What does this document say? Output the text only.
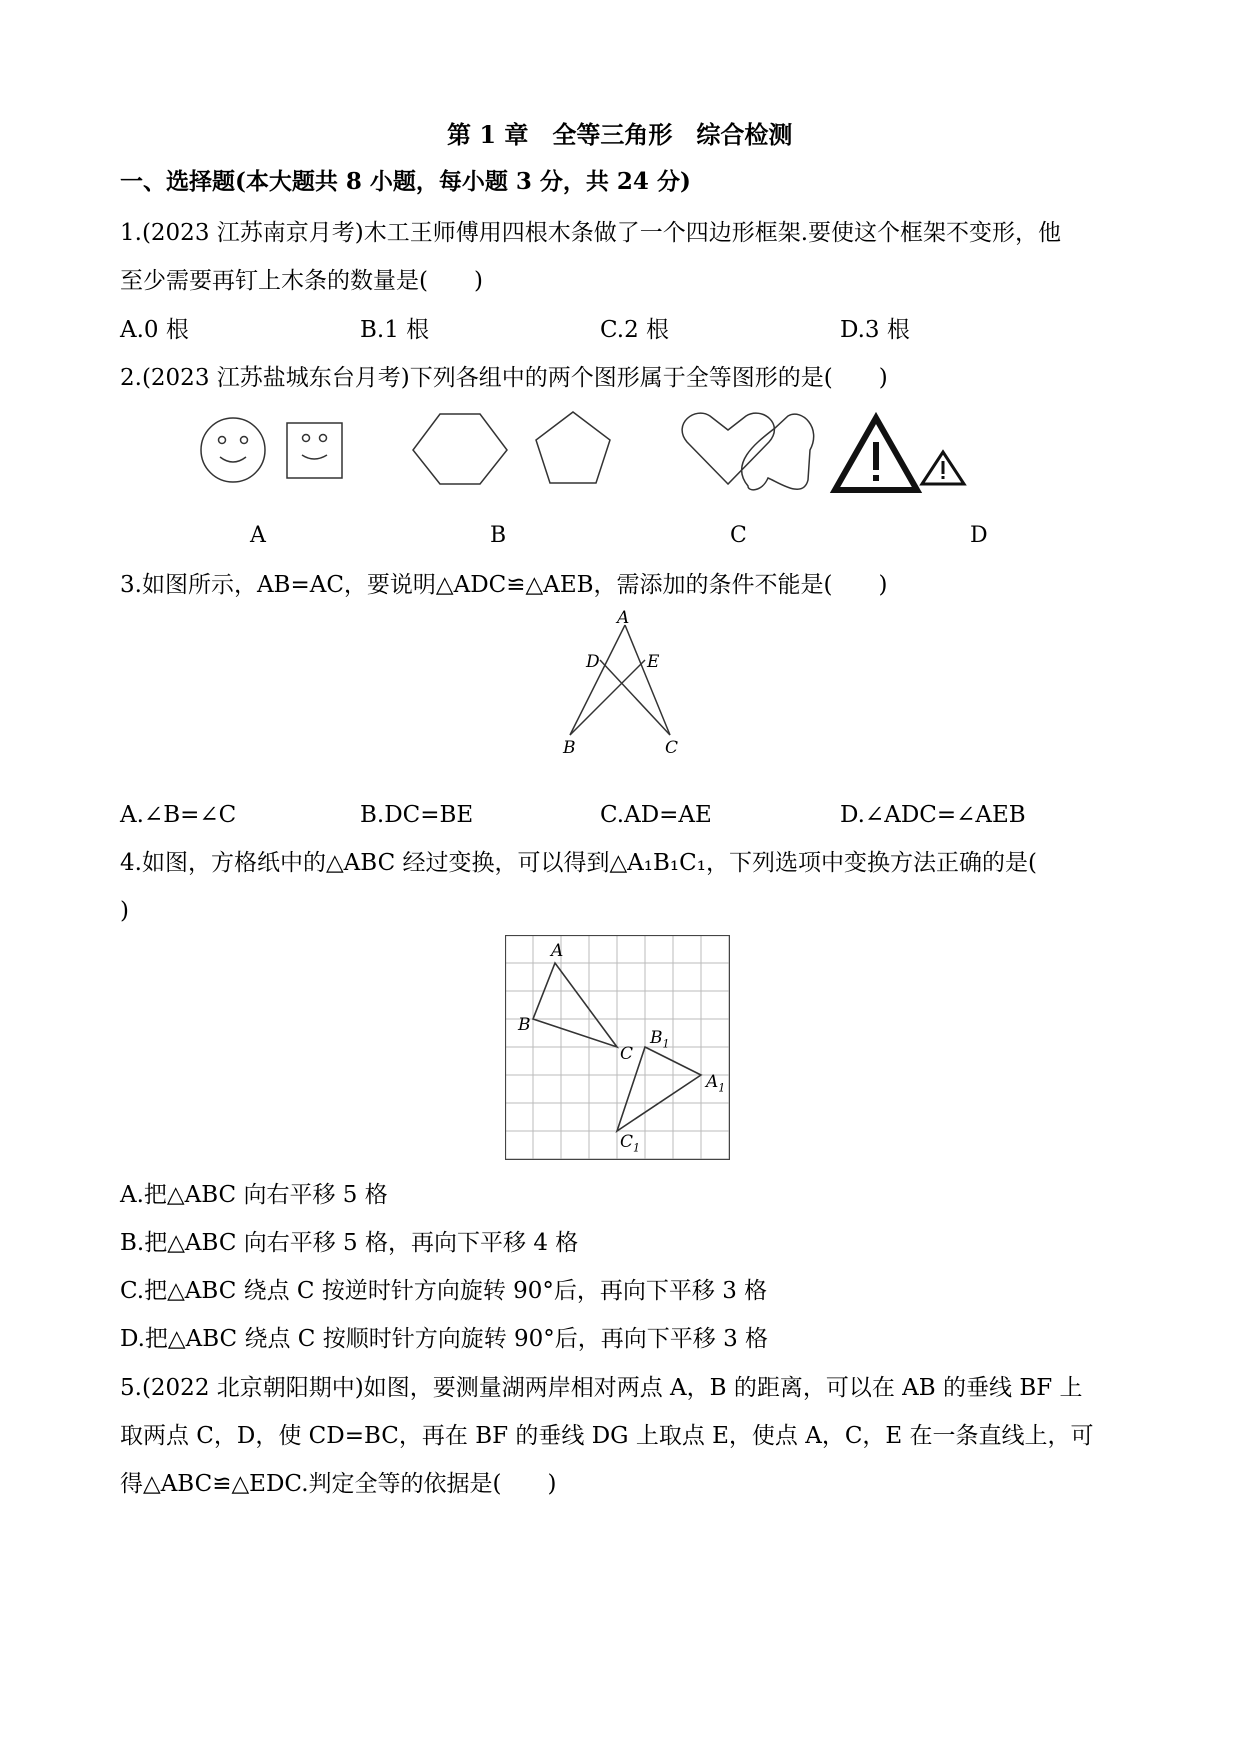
第 1 章　全等三角形　综合检测
一、选择题(本大题共 8 小题，每小题 3 分，共 24 分)
1.(2023 江苏南京月考)木工王师傅用四根木条做了一个四边形框架.要使这个框架不变形，他
至少需要再钉上木条的数量是(　　)
A.0 根	B.1 根	C.2 根	D.3 根
2.(2023 江苏盐城东台月考)下列各组中的两个图形属于全等图形的是(　　)
A	B	C	D
3.如图所示，AB=AC，要说明△ADC≌△AEB，需添加的条件不能是(　　)
A
D	E
B	C
A.∠B=∠C	B.DC=BE	C.AD=AE	D.∠ADC=∠AEB
4.如图，方格纸中的△ABC 经过变换，可以得到△A₁B₁C₁，下列选项中变换方法正确的是(
)
A
B
C
$B_1$
$A_1$
$C_1$
A.把△ABC 向右平移 5 格
B.把△ABC 向右平移 5 格，再向下平移 4 格
C.把△ABC 绕点 C 按逆时针方向旋转 90°后，再向下平移 3 格
D.把△ABC 绕点 C 按顺时针方向旋转 90°后，再向下平移 3 格
5.(2022 北京朝阳期中)如图，要测量湖两岸相对两点 A，B 的距离，可以在 AB 的垂线 BF 上
取两点 C，D，使 CD=BC，再在 BF 的垂线 DG 上取点 E，使点 A，C，E 在一条直线上，可
得△ABC≌△EDC.判定全等的依据是(　　)
